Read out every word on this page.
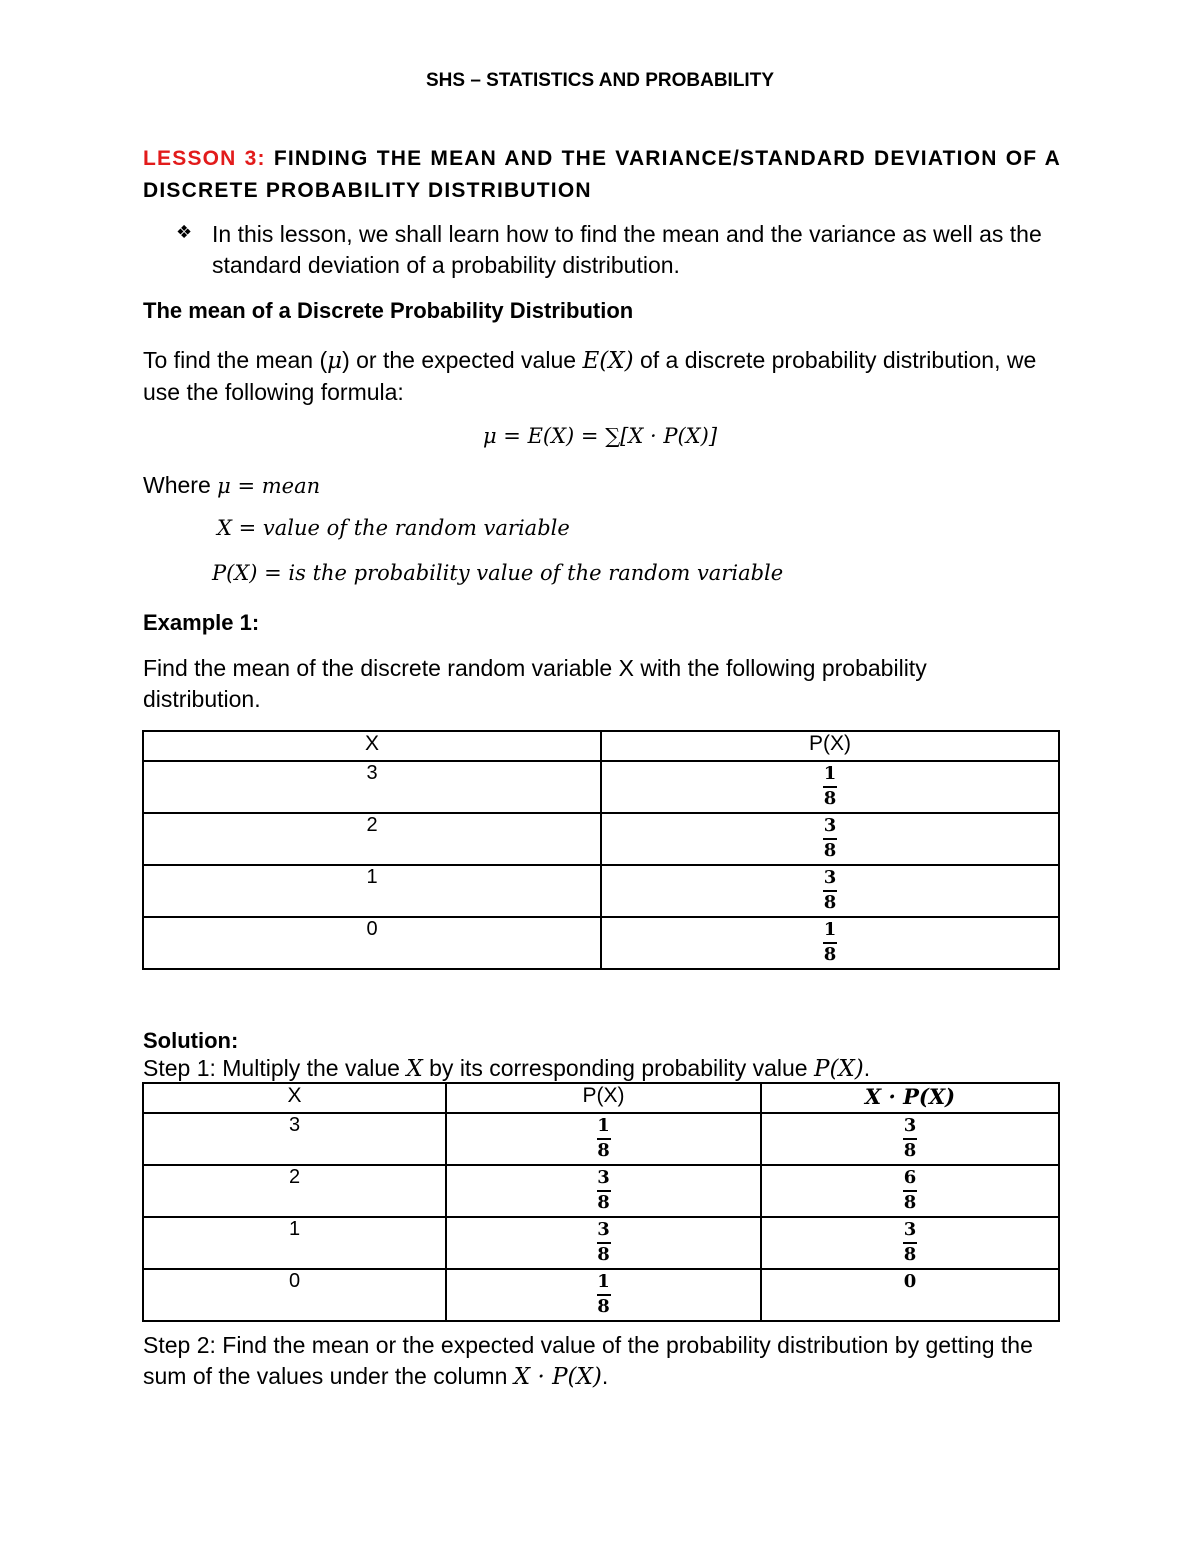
SHS – STATISTICS AND PROBABILITY
LESSON 3: FINDING THE MEAN AND THE VARIANCE/STANDARD DEVIATION OF A DISCRETE PROBABILITY DISTRIBUTION
❖ In this lesson, we shall learn how to find the mean and the variance as well as the standard deviation of a probability distribution.
The mean of a Discrete Probability Distribution
To find the mean (μ) or the expected value E(X) of a discrete probability distribution, we use the following formula:
μ = E(X) = ∑[X · P(X)]
Where μ = mean
X = value of the random variable
P(X) = is the probability value of the random variable
Example 1:
Find the mean of the discrete random variable X with the following probability distribution.
X	P(X)
3	$\frac{1}{8}$

2	$\frac{3}{8}$

1	$\frac{3}{8}$

0	$\frac{1}{8}$
Solution:
Step 1: Multiply the value X by its corresponding probability value P(X).
X	P(X)	X · P(X)
3	$\frac{1}{8}$	$\frac{3}{8}$

2	$\frac{3}{8}$	$\frac{6}{8}$

1	$\frac{3}{8}$	$\frac{3}{8}$

0	$\frac{1}{8}$	0
Step 2: Find the mean or the expected value of the probability distribution by getting the sum of the values under the column X · P(X).
